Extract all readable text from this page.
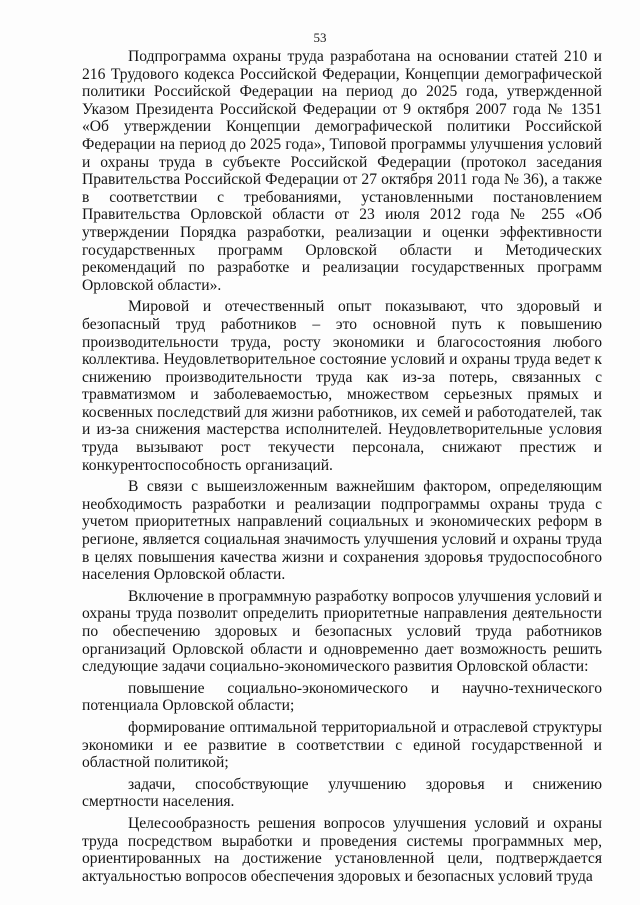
53

Подпрограмма охраны труда разработана на основании статей 210 и 216 Трудового кодекса Российской Федерации, Концепции демографической политики Российской Федерации на период до 2025 года, утвержденной Указом Президента Российской Федерации от 9 октября 2007 года № 1351 «Об утверждении Концепции демографической политики Российской Федерации на период до 2025 года», Типовой программы улучшения условий и охраны труда в субъекте Российской Федерации (протокол заседания Правительства Российской Федерации от 27 октября 2011 года № 36), а также в соответствии с требованиями, установленными постановлением Правительства Орловской области от 23 июля 2012 года № 255 «Об утверждении Порядка разработки, реализации и оценки эффективности государственных программ Орловской области и Методических рекомендаций по разработке и реализации государственных программ Орловской области».

Мировой и отечественный опыт показывают, что здоровый и безопасный труд работников – это основной путь к повышению производительности труда, росту экономики и благосостояния любого коллектива. Неудовлетворительное состояние условий и охраны труда ведет к снижению производительности труда как из-за потерь, связанных с травматизмом и заболеваемостью, множеством серьезных прямых и косвенных последствий для жизни работников, их семей и работодателей, так и из-за снижения мастерства исполнителей. Неудовлетворительные условия труда вызывают рост текучести персонала, снижают престиж и конкурентоспособность организаций.

В связи с вышеизложенным важнейшим фактором, определяющим необходимость разработки и реализации подпрограммы охраны труда с учетом приоритетных направлений социальных и экономических реформ в регионе, является социальная значимость улучшения условий и охраны труда в целях повышения качества жизни и сохранения здоровья трудоспособного населения Орловской области.

Включение в программную разработку вопросов улучшения условий и охраны труда позволит определить приоритетные направления деятельности по обеспечению здоровых и безопасных условий труда работников организаций Орловской области и одновременно дает возможность решить следующие задачи социально-экономического развития Орловской области:

повышение социально-экономического и научно-технического потенциала Орловской области;

формирование оптимальной территориальной и отраслевой структуры экономики и ее развитие в соответствии с единой государственной и областной политикой;

задачи, способствующие улучшению здоровья и снижению смертности населения.

Целесообразность решения вопросов улучшения условий и охраны труда посредством выработки и проведения системы программных мер, ориентированных на достижение установленной цели, подтверждается актуальностью вопросов обеспечения здоровых и безопасных условий труда
